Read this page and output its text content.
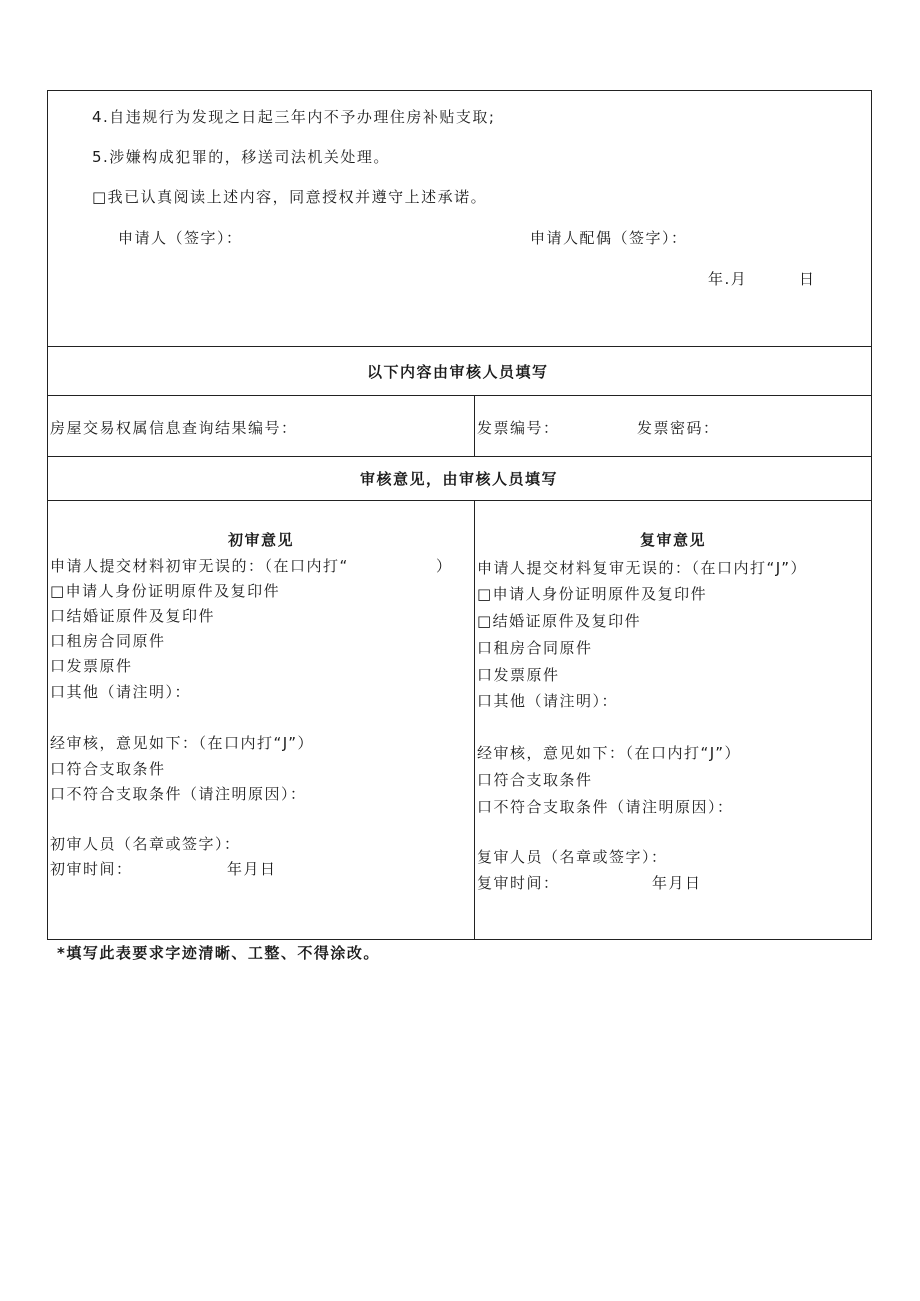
4.自违规行为发现之日起三年内不予办理住房补贴支取;
5.涉嫌构成犯罪的，移送司法机关处理。
□我已认真阅读上述内容，同意授权并遵守上述承诺。
申请人（签字）：	申请人配偶（签字）：
年.月	日
以下内容由审核人员填写
房屋交易权属信息查询结果编号：	发票编号：	发票密码：
审核意见，由审核人员填写
初审意见
申请人提交材料初审无误的：（在口内打“	）
□申请人身份证明原件及复印件
口结婚证原件及复印件
口租房合同原件
口发票原件
口其他（请注明）：
经审核，意见如下：（在口内打“J”）
口符合支取条件
口不符合支取条件（请注明原因）：
初审人员（名章或签字）：
初审时间：	年月日
复审意见
申请人提交材料复审无误的：（在口内打“J”）
□申请人身份证明原件及复印件
□结婚证原件及复印件
口租房合同原件
口发票原件
口其他（请注明）：
经审核，意见如下：（在口内打“J”）
口符合支取条件
口不符合支取条件（请注明原因）：
复审人员（名章或签字）：
复审时间：	年月日
*填写此表要求字迹清晰、工整、不得涂改。
